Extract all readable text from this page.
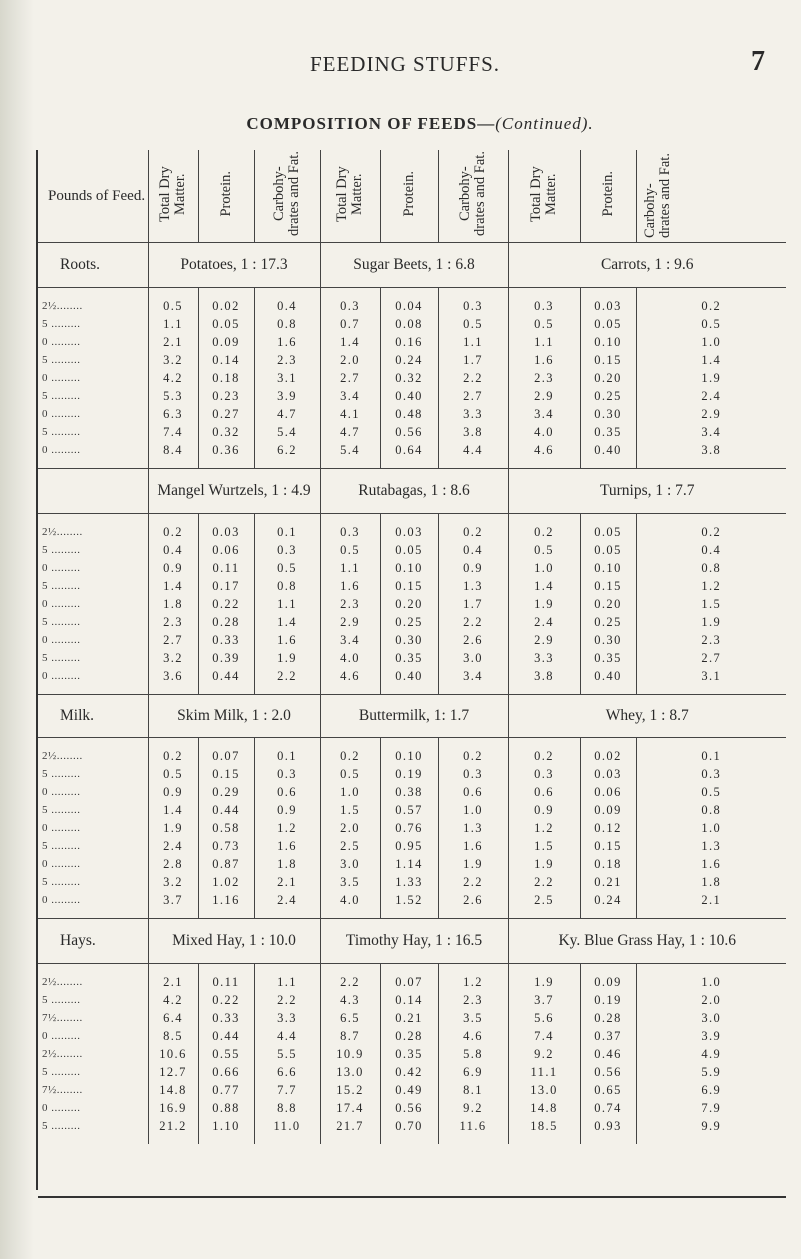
FEEDING STUFFS.	7
COMPOSITION OF FEEDS—(Continued).
Pounds of Feed.	Total Dry Matter.	Protein.	Carbohy-drates and Fat.	Total Dry Matter.	Protein.	Carbohy-drates and Fat.	Total Dry Matter.	Protein.	Carbohy-drates and Fat.
Roots.	Potatoes, 1 : 17.3			Sugar Beets, 1 : 6.8			Carrots, 1 : 9.6		
2½........	0.5	0.02	0.4	0.3	0.04	0.3	0.3	0.03	0.2
5 .........	1.1	0.05	0.8	0.7	0.08	0.5	0.5	0.05	0.5
0 .........	2.1	0.09	1.6	1.4	0.16	1.1	1.1	0.10	1.0
5 .........	3.2	0.14	2.3	2.0	0.24	1.7	1.6	0.15	1.4
0 .........	4.2	0.18	3.1	2.7	0.32	2.2	2.3	0.20	1.9
5 .........	5.3	0.23	3.9	3.4	0.40	2.7	2.9	0.25	2.4
0 .........	6.3	0.27	4.7	4.1	0.48	3.3	3.4	0.30	2.9
5 .........	7.4	0.32	5.4	4.7	0.56	3.8	4.0	0.35	3.4
0 .........	8.4	0.36	6.2	5.4	0.64	4.4	4.6	0.40	3.8
	Mangel Wurtzels, 1 : 4.9			Rutabagas, 1 : 8.6			Turnips, 1 : 7.7		
2½........	0.2	0.03	0.1	0.3	0.03	0.2	0.2	0.05	0.2
5 .........	0.4	0.06	0.3	0.5	0.05	0.4	0.5	0.05	0.4
0 .........	0.9	0.11	0.5	1.1	0.10	0.9	1.0	0.10	0.8
5 .........	1.4	0.17	0.8	1.6	0.15	1.3	1.4	0.15	1.2
0 .........	1.8	0.22	1.1	2.3	0.20	1.7	1.9	0.20	1.5
5 .........	2.3	0.28	1.4	2.9	0.25	2.2	2.4	0.25	1.9
0 .........	2.7	0.33	1.6	3.4	0.30	2.6	2.9	0.30	2.3
5 .........	3.2	0.39	1.9	4.0	0.35	3.0	3.3	0.35	2.7
0 .........	3.6	0.44	2.2	4.6	0.40	3.4	3.8	0.40	3.1
Milk.	Skim Milk, 1 : 2.0			Buttermilk, 1: 1.7			Whey, 1 : 8.7		
2½........	0.2	0.07	0.1	0.2	0.10	0.2	0.2	0.02	0.1
5 .........	0.5	0.15	0.3	0.5	0.19	0.3	0.3	0.03	0.3
0 .........	0.9	0.29	0.6	1.0	0.38	0.6	0.6	0.06	0.5
5 .........	1.4	0.44	0.9	1.5	0.57	1.0	0.9	0.09	0.8
0 .........	1.9	0.58	1.2	2.0	0.76	1.3	1.2	0.12	1.0
5 .........	2.4	0.73	1.6	2.5	0.95	1.6	1.5	0.15	1.3
0 .........	2.8	0.87	1.8	3.0	1.14	1.9	1.9	0.18	1.6
5 .........	3.2	1.02	2.1	3.5	1.33	2.2	2.2	0.21	1.8
0 .........	3.7	1.16	2.4	4.0	1.52	2.6	2.5	0.24	2.1
Hays.	Mixed Hay, 1 : 10.0			Timothy Hay, 1 : 16.5			Ky. Blue Grass Hay, 1 : 10.6		
2½........	2.1	0.11	1.1	2.2	0.07	1.2	1.9	0.09	1.0
5 .........	4.2	0.22	2.2	4.3	0.14	2.3	3.7	0.19	2.0
7½........	6.4	0.33	3.3	6.5	0.21	3.5	5.6	0.28	3.0
0 .........	8.5	0.44	4.4	8.7	0.28	4.6	7.4	0.37	3.9
2½........	10.6	0.55	5.5	10.9	0.35	5.8	9.2	0.46	4.9
5 .........	12.7	0.66	6.6	13.0	0.42	6.9	11.1	0.56	5.9
7½........	14.8	0.77	7.7	15.2	0.49	8.1	13.0	0.65	6.9
0 .........	16.9	0.88	8.8	17.4	0.56	9.2	14.8	0.74	7.9
5 .........	21.2	1.10	11.0	21.7	0.70	11.6	18.5	0.93	9.9
